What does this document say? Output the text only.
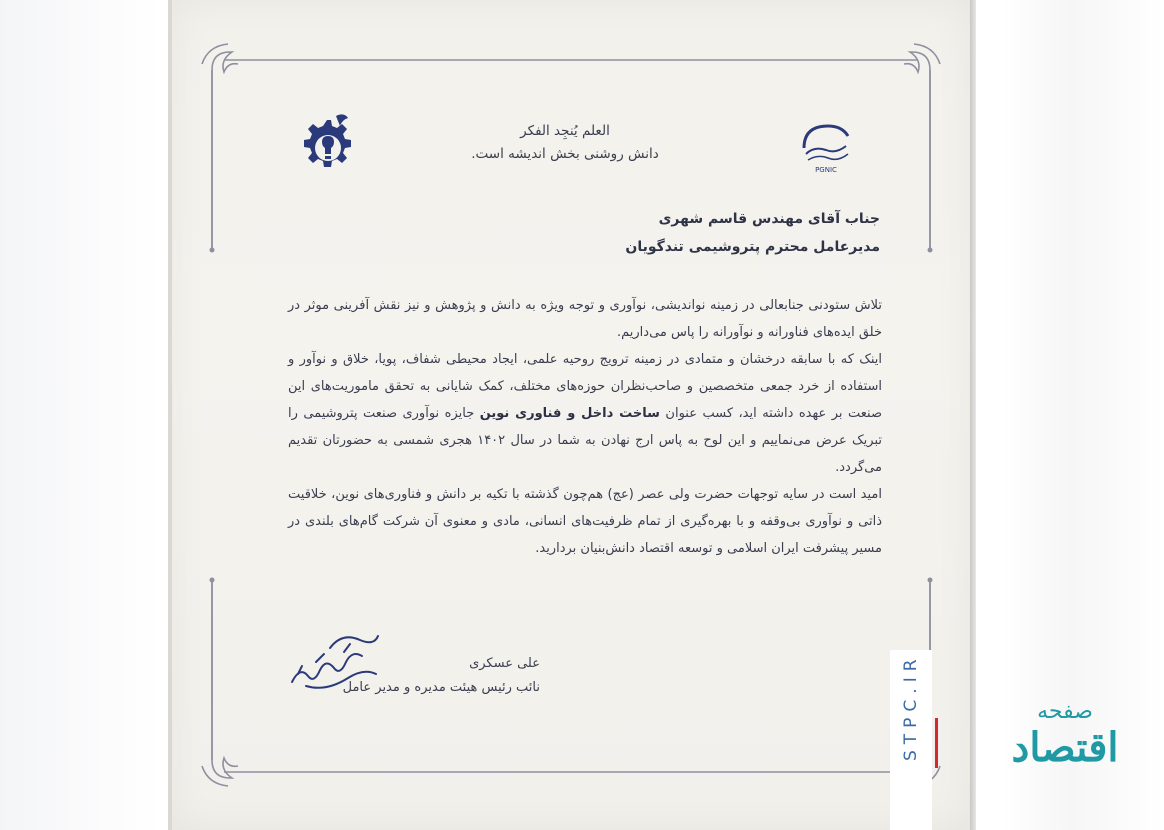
PGNIC
العلم يُنجِد الفکر
دانش روشنی بخش اندیشه است.
جناب آقای مهندس قاسم شهری
مدیرعامل محترم پتروشیمی تندگویان

تلاش ستودنی جنابعالی در زمینه نواندیشی، نوآوری و توجه ویژه به دانش و پژوهش و نیز نقش آفرینی موثر در خلق ایده‌های فناورانه و نوآورانه را پاس می‌داریم.

اینک که با سابقه درخشان و متمادی در زمینه ترویج روحیه علمی، ایجاد محیطی شفاف، پویا، خلاق و نوآور و استفاده از خرد جمعی متخصصین و صاحب‌نظران حوزه‌های مختلف، کمک شایانی به تحقق ماموریت‌های این صنعت بر عهده داشته اید، کسب عنوان ساخت داخل و فناوری نوین جایزه نوآوری صنعت پتروشیمی را تبریک عرض می‌نماییم و این لوح به پاس ارج نهادن به شما در سال ۱۴۰۲ هجری شمسی به حضورتان تقدیم می‌گردد.

امید است در سایه توجهات حضرت ولی عصر (عج) هم‌چون گذشته با تکیه بر دانش و فناوری‌های نوین، خلاقیت ذاتی و نوآوری بی‌وقفه و با بهره‌گیری از تمام ظرفیت‌های انسانی، مادی و معنوی آن شرکت گام‌های بلندی در مسیر پیشرفت ایران اسلامی و توسعه اقتصاد دانش‌بنیان بردارید.

علی عسکری
نائب رئیس هیئت مدیره و مدیر عامل	STPC.IR	صفحه
اقتصاد
